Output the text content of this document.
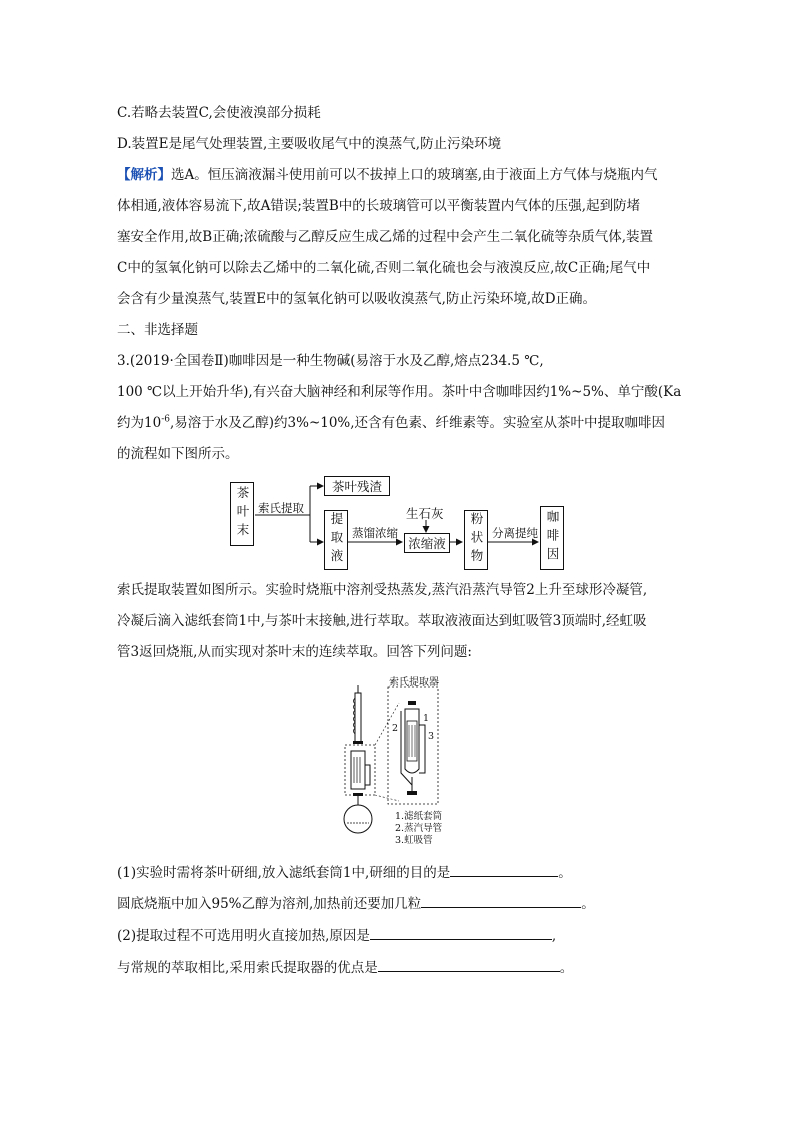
C.若略去装置C,会使液溴部分损耗
D.装置E是尾气处理装置,主要吸收尾气中的溴蒸气,防止污染环境
【解析】选A。恒压滴液漏斗使用前可以不拔掉上口的玻璃塞,由于液面上方气体与烧瓶内气
体相通,液体容易流下,故A错误;装置B中的长玻璃管可以平衡装置内气体的压强,起到防堵
塞安全作用,故B正确;浓硫酸与乙醇反应生成乙烯的过程中会产生二氧化硫等杂质气体,装置
C中的氢氧化钠可以除去乙烯中的二氧化硫,否则二氧化硫也会与液溴反应,故C正确;尾气中
会含有少量溴蒸气,装置E中的氢氧化钠可以吸收溴蒸气,防止污染环境,故D正确。
二、非选择题
3.(2019·全国卷Ⅱ)咖啡因是一种生物碱(易溶于水及乙醇,熔点234.5 ℃,
100 ℃以上开始升华),有兴奋大脑神经和利尿等作用。茶叶中含咖啡因约1%~5%、单宁酸(Ka
约为$10^{-6}$,易溶于水及乙醇)约3%~10%,还含有色素、纤维素等。实验室从茶叶中提取咖啡因
的流程如下图所示。
茶叶末 索氏提取
茶叶残渣
提取液 蒸馏浓缩
生石灰
浓缩液	粉状物 分离提纯 咖啡因
索氏提取装置如图所示。实验时烧瓶中溶剂受热蒸发,蒸汽沿蒸汽导管2上升至球形冷凝管,
冷凝后滴入滤纸套筒1中,与茶叶末接触,进行萃取。萃取液液面达到虹吸管3顶端时,经虹吸
管3返回烧瓶,从而实现对茶叶末的连续萃取。回答下列问题:
索氏提取器
1
2
3
1.滤纸套筒
2.蒸汽导管
3.虹吸管
(1)实验时需将茶叶研细,放入滤纸套筒1中,研细的目的是	。
圆底烧瓶中加入95%乙醇为溶剂,加热前还要加几粒	。
(2)提取过程不可选用明火直接加热,原因是	,
与常规的萃取相比,采用索氏提取器的优点是	。
